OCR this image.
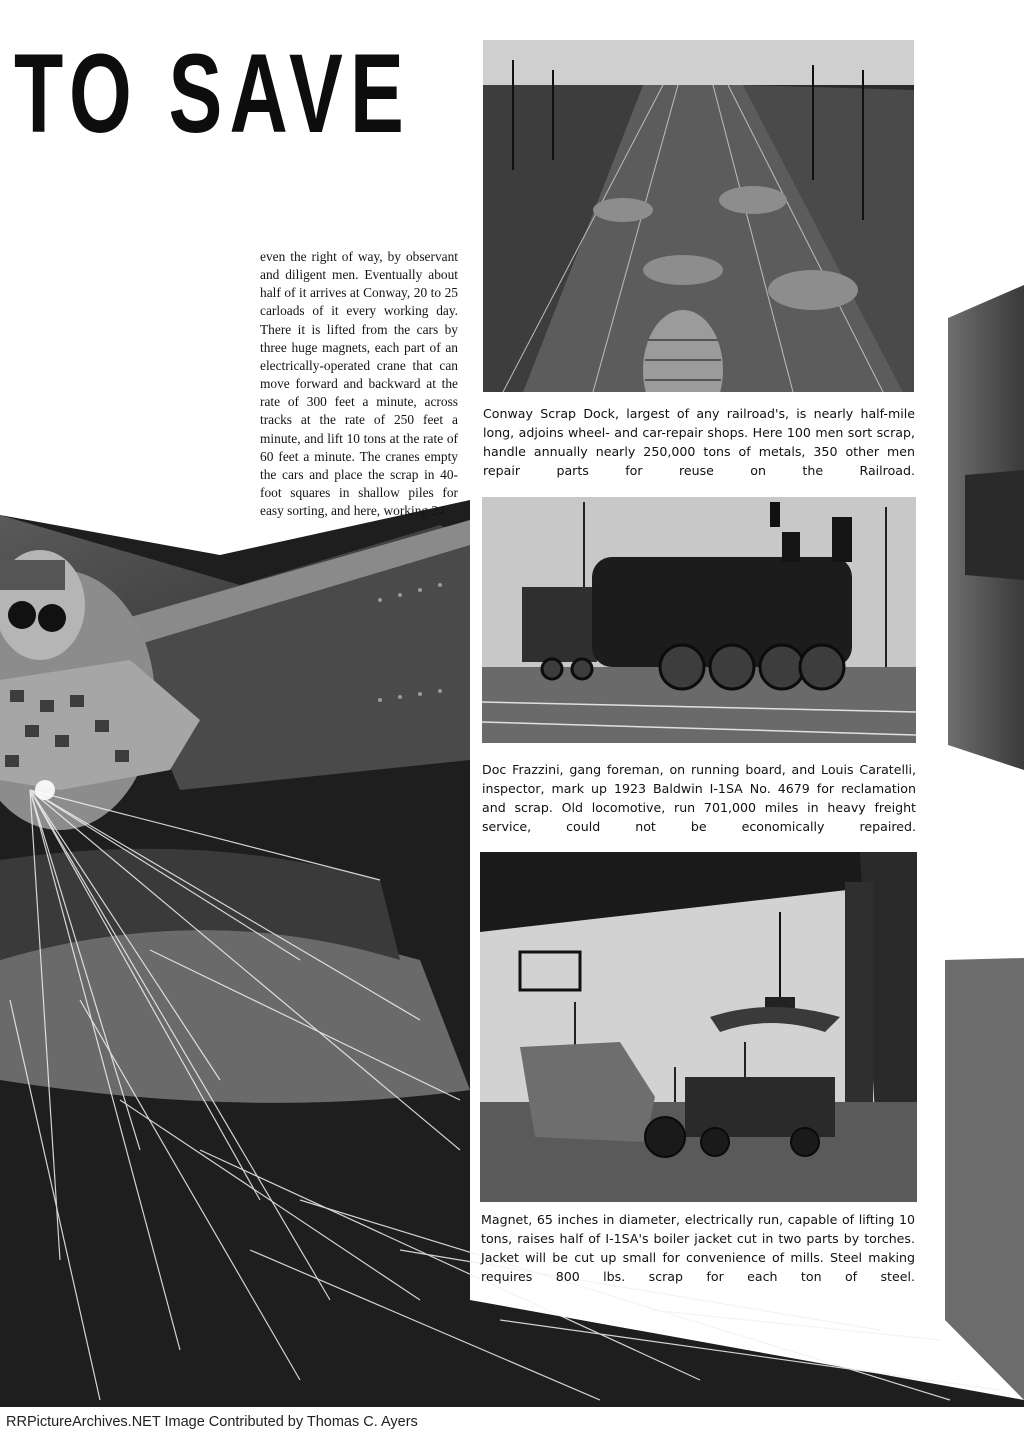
TO SAVE

even the right of way, by observant and diligent men. Eventually about half of it arrives at Conway, 20 to 25 carloads of it every working day. There it is lifted from the cars by three huge magnets, each part of an electrically-operated crane that can move forward and backward at the rate of 300 feet a minute, across tracks at the rate of 250 feet a minute, and lift 10 tons at the rate of 60 feet a minute. The cranes empty the cars and place the scrap in 40-foot squares in shallow piles for easy sorting, and here, working 24

Conway Scrap Dock, largest of any railroad's, is nearly half-mile long, adjoins wheel- and car-repair shops. Here 100 men sort scrap, handle annually nearly 250,000 tons of metals, 350 other men repair parts for reuse on the Railroad.

Doc Frazzini, gang foreman, on running board, and Louis Caratelli, inspector, mark up 1923 Baldwin I-1SA No. 4679 for reclamation and scrap. Old locomotive, run 701,000 miles in heavy freight service, could not be economically repaired.

Magnet, 65 inches in diameter, electrically run, capable of lifting 10 tons, raises half of I-1SA's boiler jacket cut in two parts by torches. Jacket will be cut up small for convenience of mills. Steel making requires 800 lbs. scrap for each ton of steel.

RRPictureArchives.NET Image Contributed by Thomas C. Ayers
